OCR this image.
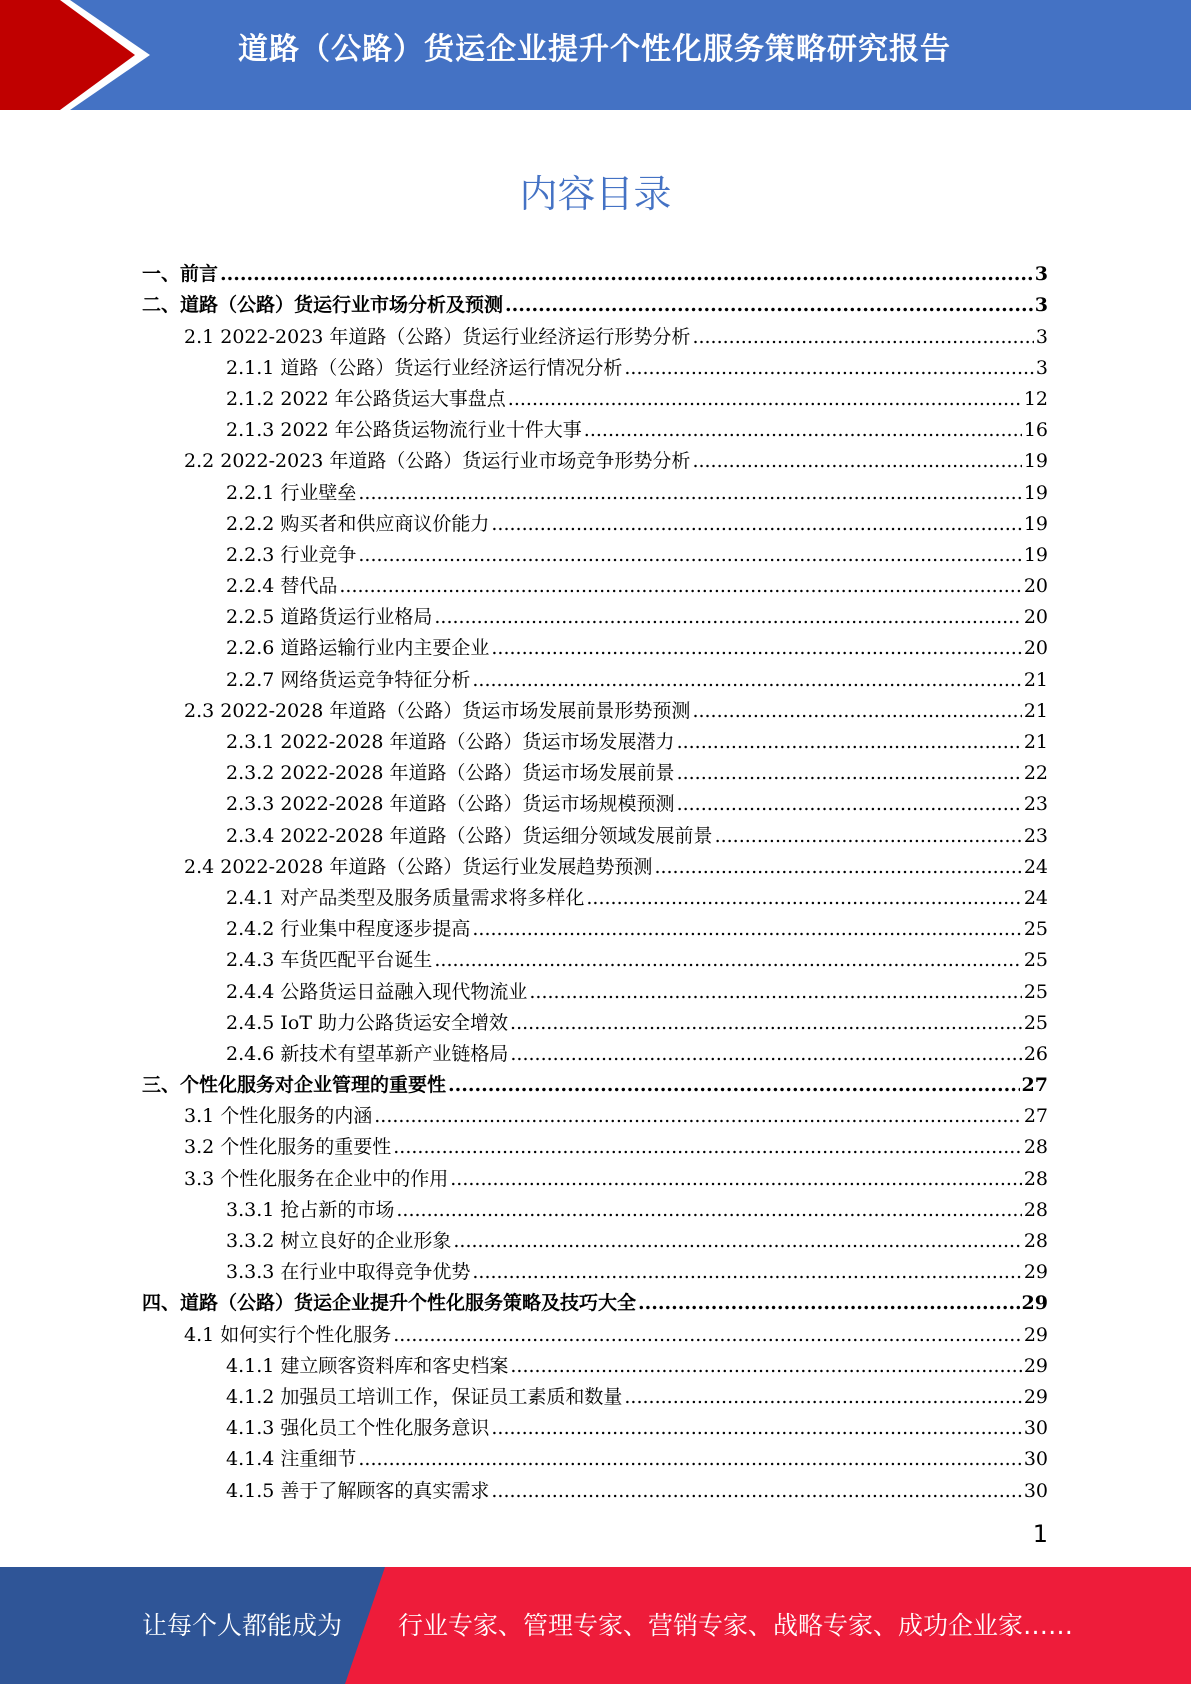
道路（公路）货运企业提升个性化服务策略研究报告
内容目录
一、前言 .....	3
二、道路（公路）货运行业市场分析及预测 .....	3
2.1 2022-2023 年道路（公路）货运行业经济运行形势分析 .....	3
2.1.1 道路（公路）货运行业经济运行情况分析 .....	3
2.1.2 2022 年公路货运大事盘点 .....	12
2.1.3 2022 年公路货运物流行业十件大事 .....	16
2.2 2022-2023 年道路（公路）货运行业市场竞争形势分析 .....	19
2.2.1 行业壁垒 .....	19
2.2.2 购买者和供应商议价能力 .....	19
2.2.3 行业竞争 .....	19
2.2.4 替代品 .....	20
2.2.5 道路货运行业格局 .....	20
2.2.6 道路运输行业内主要企业 .....	20
2.2.7 网络货运竞争特征分析 .....	21
2.3 2022-2028 年道路（公路）货运市场发展前景形势预测 .....	21
2.3.1 2022-2028 年道路（公路）货运市场发展潜力 .....	21
2.3.2 2022-2028 年道路（公路）货运市场发展前景 .....	22
2.3.3 2022-2028 年道路（公路）货运市场规模预测 .....	23
2.3.4 2022-2028 年道路（公路）货运细分领域发展前景 .....	23
2.4 2022-2028 年道路（公路）货运行业发展趋势预测 .....	24
2.4.1 对产品类型及服务质量需求将多样化 .....	24
2.4.2 行业集中程度逐步提高 .....	25
2.4.3 车货匹配平台诞生 .....	25
2.4.4 公路货运日益融入现代物流业 .....	25
2.4.5 IoT 助力公路货运安全增效 .....	25
2.4.6 新技术有望革新产业链格局 .....	26
三、个性化服务对企业管理的重要性 .....	27
3.1 个性化服务的内涵 .....	27
3.2 个性化服务的重要性 .....	28
3.3 个性化服务在企业中的作用 .....	28
3.3.1 抢占新的市场 .....	28
3.3.2 树立良好的企业形象 .....	28
3.3.3 在行业中取得竞争优势 .....	29
四、道路（公路）货运企业提升个性化服务策略及技巧大全 .....	29
4.1 如何实行个性化服务 .....	29
4.1.1 建立顾客资料库和客史档案 .....	29
4.1.2 加强员工培训工作，保证员工素质和数量 .....	29
4.1.3 强化员工个性化服务意识 .....	30
4.1.4 注重细节 .....	30
4.1.5 善于了解顾客的真实需求 .....	30
1
让每个人都能成为 行业专家、管理专家、营销专家、战略专家、成功企业家……
